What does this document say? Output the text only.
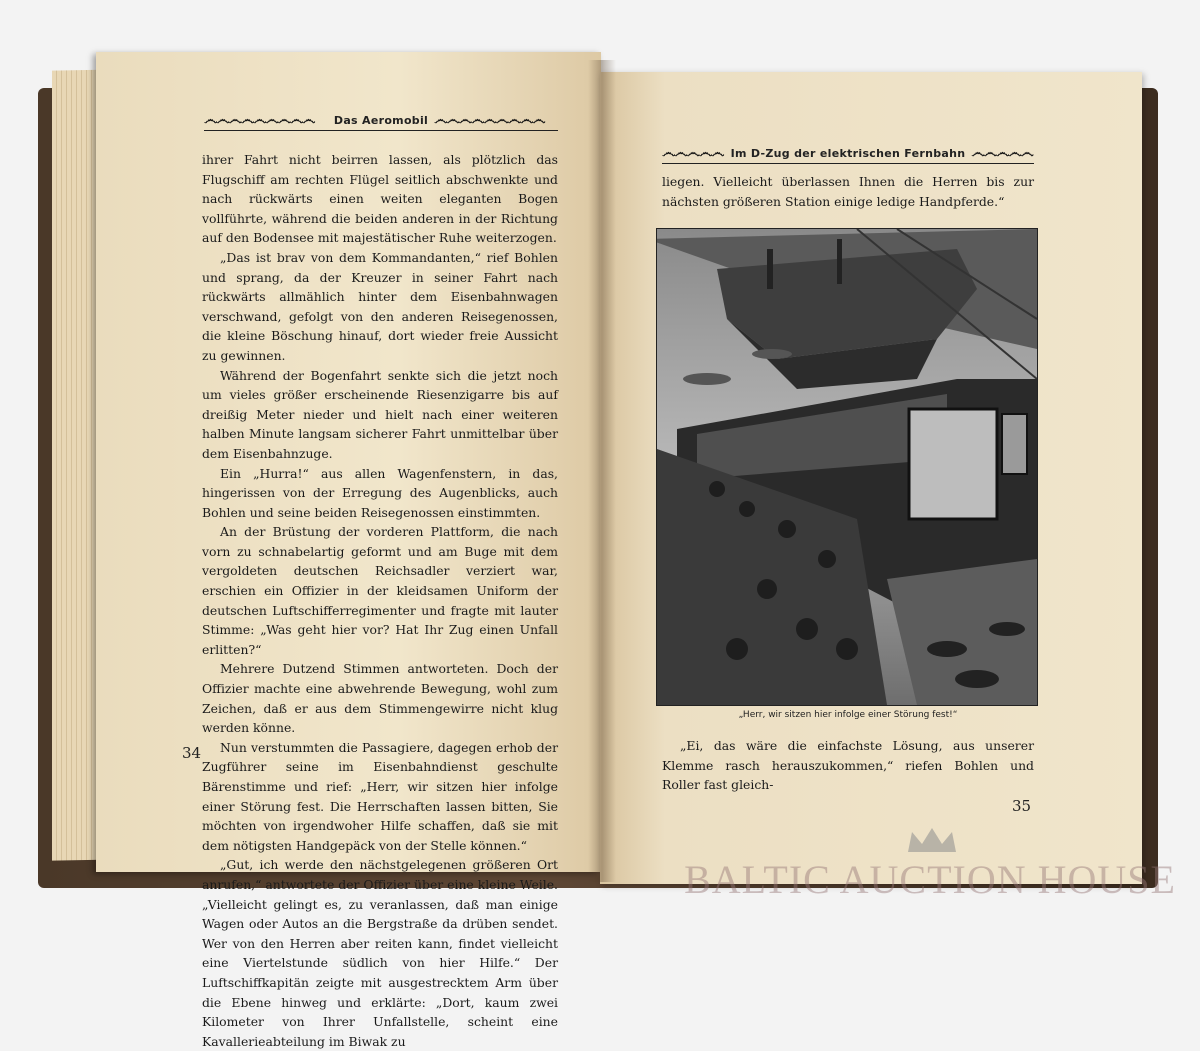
෴෴෴෴෴෴෴෴෴	Das Aeromobil ෴෴෴෴෴෴෴෴෴

ihrer Fahrt nicht beirren lassen, als plötzlich das Flugschiff am rechten Flügel seitlich abschwenkte und nach rückwärts einen weiten eleganten Bogen vollführte, während die beiden anderen in der Richtung auf den Bodensee mit majestätischer Ruhe weiterzogen.

„Das ist brav von dem Kommandanten,“ rief Bohlen und sprang, da der Kreuzer in seiner Fahrt nach rückwärts allmählich hinter dem Eisenbahnwagen verschwand, gefolgt von den anderen Reisegenossen, die kleine Böschung hinauf, dort wieder freie Aussicht zu gewinnen.

Während der Bogenfahrt senkte sich die jetzt noch um vieles größer erscheinende Riesenzigarre bis auf dreißig Meter nieder und hielt nach einer weiteren halben Minute langsam sicherer Fahrt unmittelbar über dem Eisenbahnzuge.

Ein „Hurra!“ aus allen Wagenfenstern, in das, hingerissen von der Erregung des Augenblicks, auch Bohlen und seine beiden Reisegenossen einstimmten.

An der Brüstung der vorderen Plattform, die nach vorn zu schnabelartig geformt und am Buge mit dem vergoldeten deutschen Reichsadler verziert war, erschien ein Offizier in der kleidsamen Uniform der deutschen Luftschifferregimenter und fragte mit lauter Stimme: „Was geht hier vor? Hat Ihr Zug einen Unfall erlitten?“

Mehrere Dutzend Stimmen antworteten. Doch der Offizier machte eine abwehrende Bewegung, wohl zum Zeichen, daß er aus dem Stimmengewirre nicht klug werden könne.

Nun verstummten die Passagiere, dagegen erhob der Zugführer seine im Eisenbahndienst geschulte Bärenstimme und rief: „Herr, wir sitzen hier infolge einer Störung fest. Die Herrschaften lassen bitten, Sie möchten von irgendwoher Hilfe schaffen, daß sie mit dem nötigsten Handgepäck von der Stelle können.“

„Gut, ich werde den nächstgelegenen größeren Ort anrufen,“ antwortete der Offizier über eine kleine Weile. „Vielleicht gelingt es, zu veranlassen, daß man einige Wagen oder Autos an die Bergstraße da drüben sendet. Wer von den Herren aber reiten kann, findet vielleicht eine Viertelstunde südlich von hier Hilfe.“ Der Luftschiffkapitän zeigte mit ausgestrecktem Arm über die Ebene hinweg und erklärte: „Dort, kaum zwei Kilometer von Ihrer Unfallstelle, scheint eine Kavallerieabteilung im Biwak zu

34
෴෴෴෴෴ Im D-Zug der elektrischen Fernbahn ෴෴෴෴෴

liegen. Vielleicht überlassen Ihnen die Herren bis zur nächsten größeren Station einige ledige Handpferde.“

„Herr, wir sitzen hier infolge einer Störung fest!“

„Ei, das wäre die einfachste Lösung, aus unserer Klemme rasch herauszukommen,“ riefen Bohlen und Roller fast gleich-

35
BALTIC AUCTION HOUSE
